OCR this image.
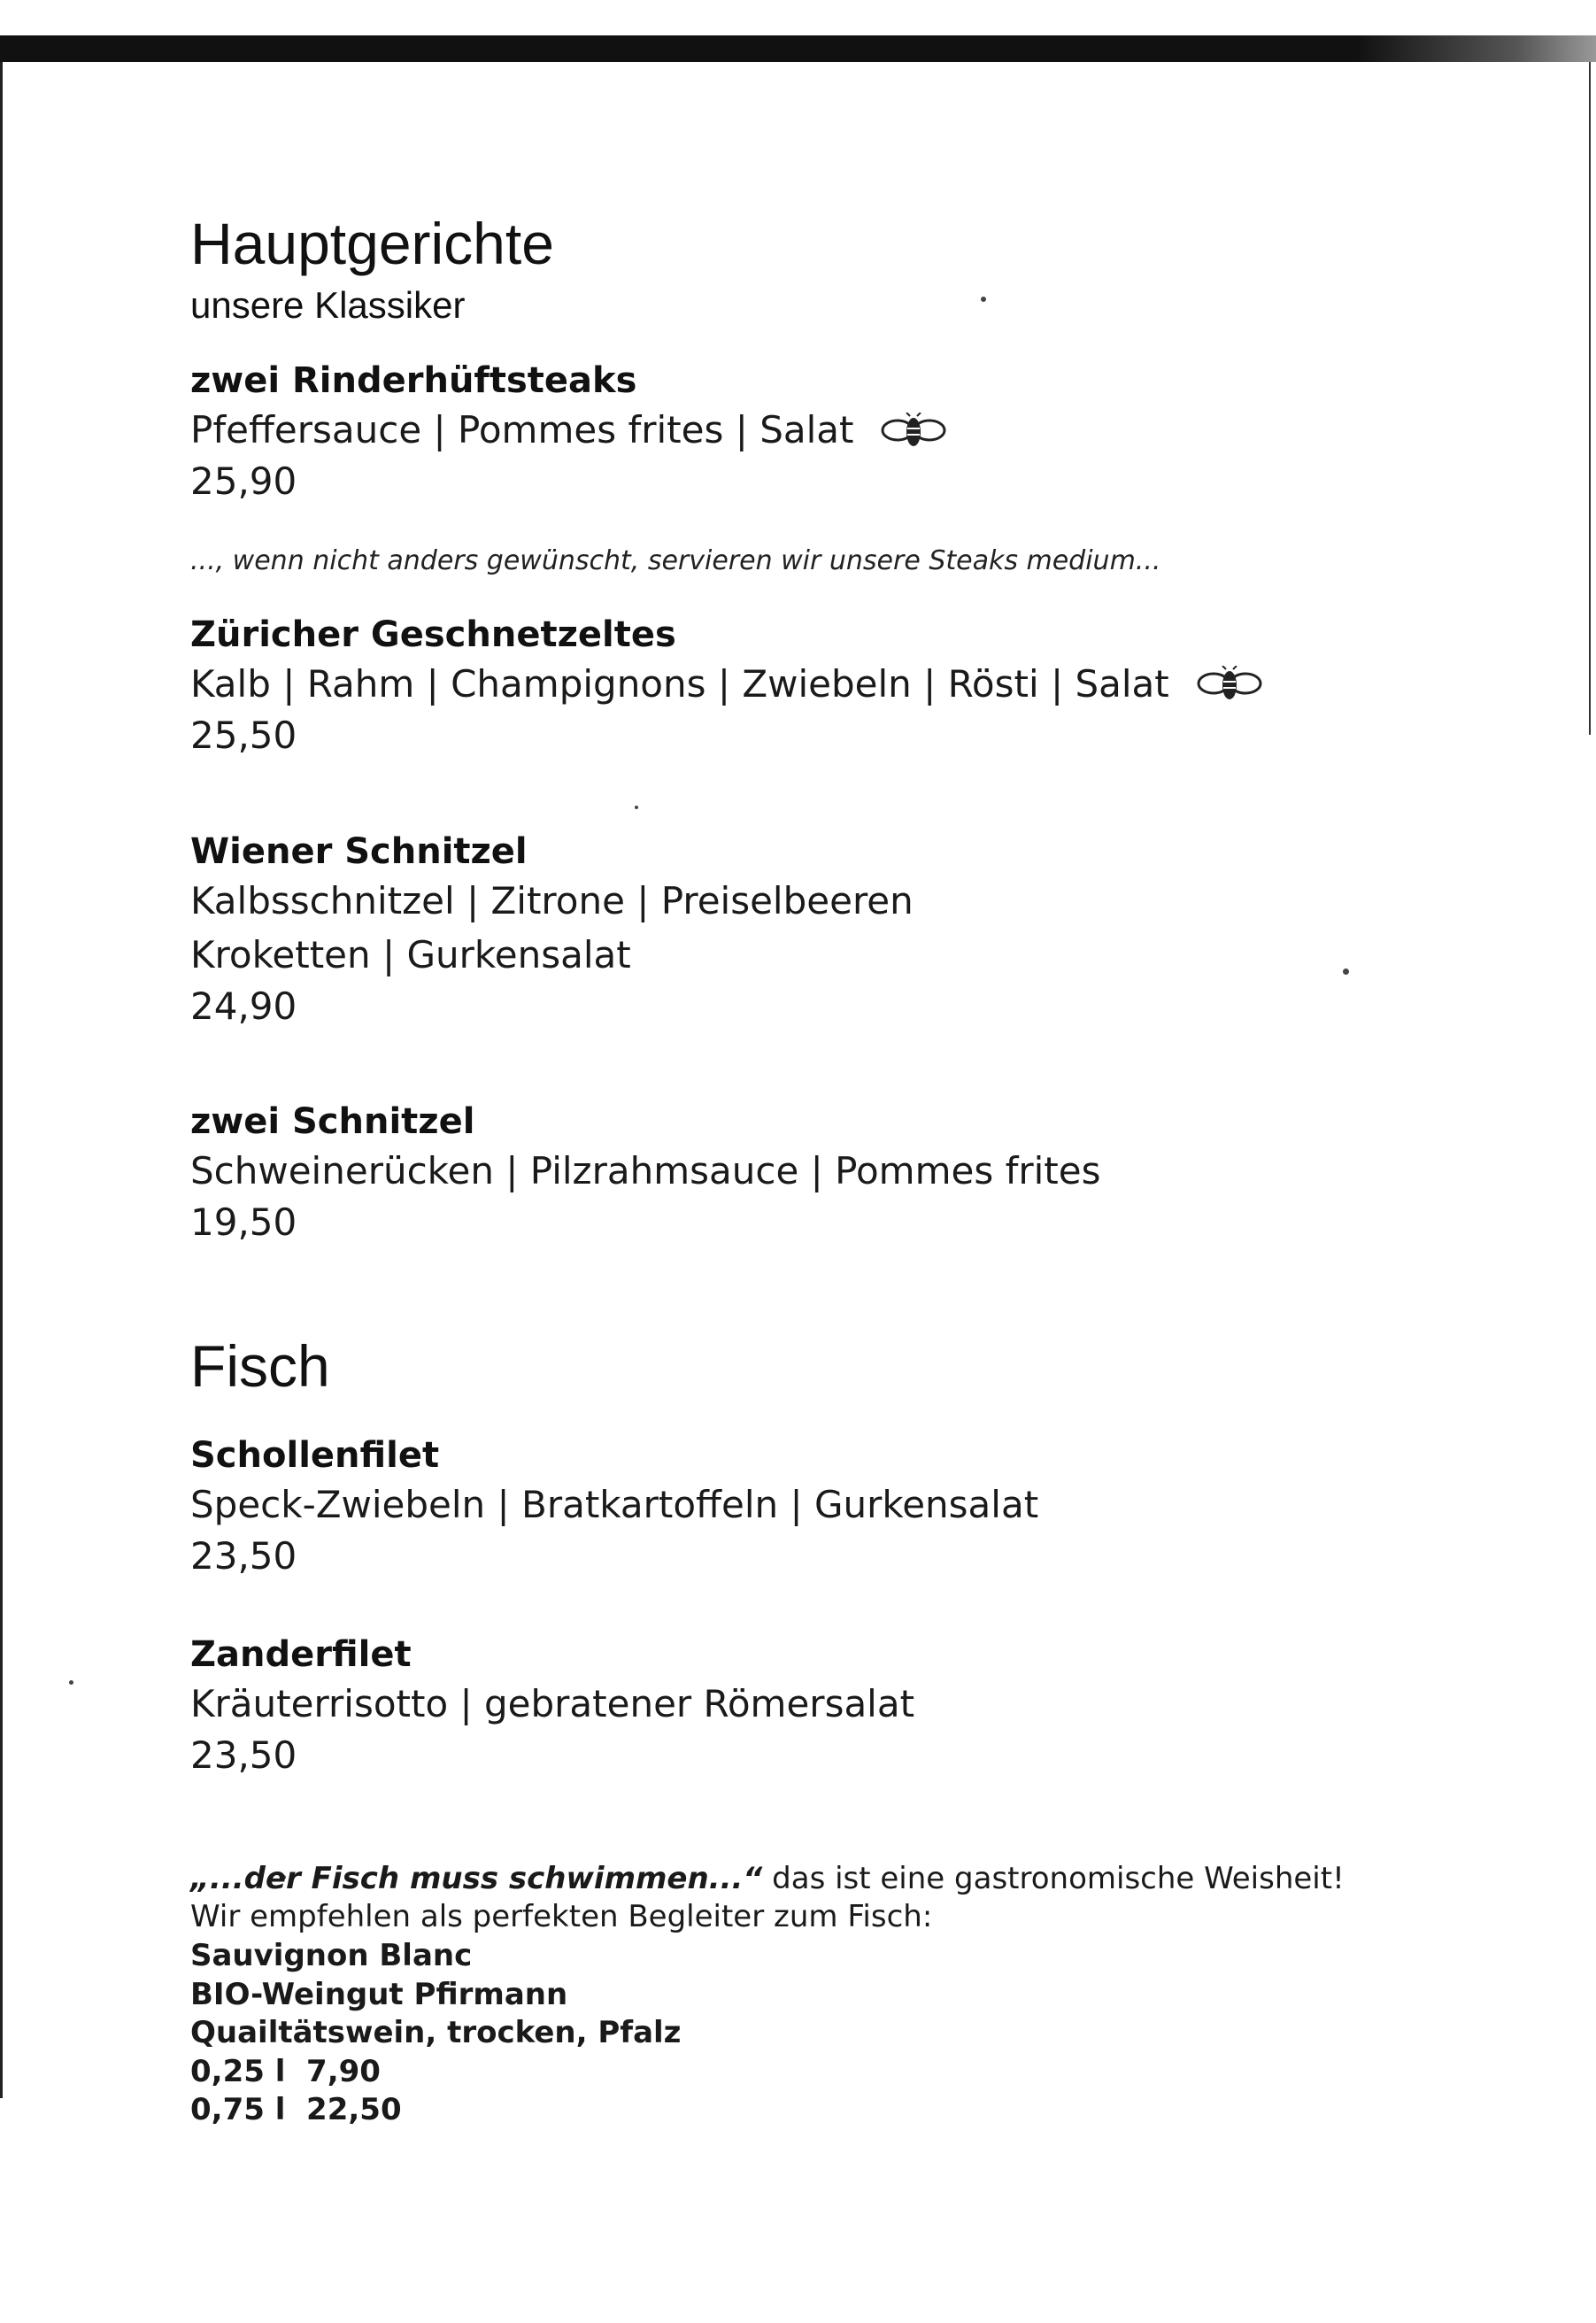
Hauptgerichte
unsere Klassiker
zwei Rinderhüftsteaks
Pfeffersauce | Pommes frites | Salat
25,90

..., wenn nicht anders gewünscht, servieren wir unsere Steaks medium...

Züricher Geschnetzeltes
Kalb | Rahm | Champignons | Zwiebeln | Rösti | Salat
25,50
Wiener Schnitzel
Kalbsschnitzel | Zitrone | Preiselbeeren
Kroketten | Gurkensalat
24,90
zwei Schnitzel
Schweinerücken | Pilzrahmsauce | Pommes frites
19,50
Fisch
Schollenfilet
Speck-Zwiebeln | Bratkartoffeln | Gurkensalat
23,50
Zanderfilet
Kräuterrisotto | gebratener Römersalat
23,50
„...der Fisch muss schwimmen...“ das ist eine gastronomische Weisheit!
Wir empfehlen als perfekten Begleiter zum Fisch:
Sauvignon Blanc
BIO-Weingut Pfirmann
Quailtätswein, trocken, Pfalz
0,25 l  7,90
0,75 l  22,50
